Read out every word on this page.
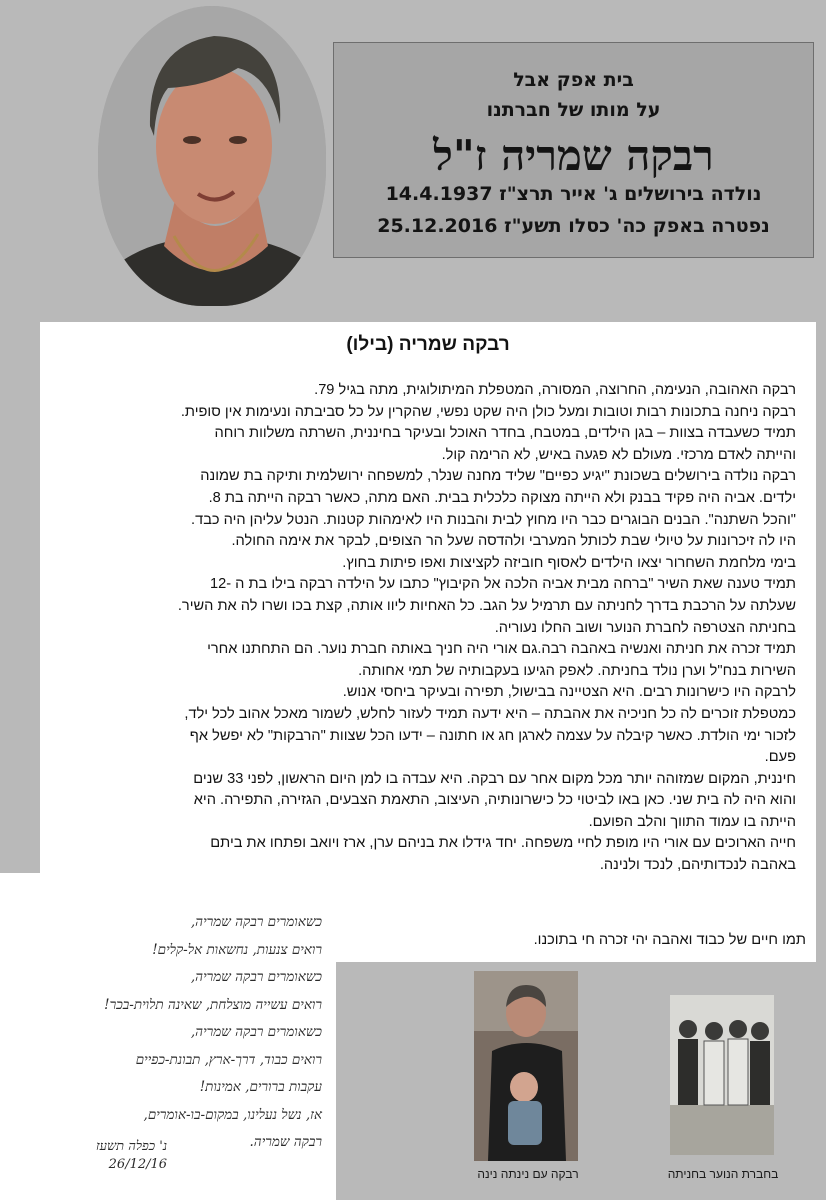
בית אפק אבל
על מותו של חברתנו
רבקה שמריה ז"ל
נולדה בירושלים ג' אייר תרצ"ז 14.4.1937
נפטרה באפק כה' כסלו תשע"ז 25.12.2016
רבקה שמריה (בילו)
רבקה האהובה, הנעימה, החרוצה, המסורה, המטפלת המיתולוגית, מתה בגיל 79.
רבקה ניחנה בתכונות רבות וטובות ומעל כולן היה שקט נפשי, שהקרין על כל סביבתה ונעימות אין סופית.
תמיד כשעבדה בצוות – בגן הילדים, במטבח, בחדר האוכל ובעיקר בחיננית, השרתה משלוות רוחה
והייתה לאדם מרכזי. מעולם לא פגעה באיש, לא הרימה קול.
רבקה נולדה בירושלים בשכונת "יגיע כפיים" שליד מחנה שנלר, למשפחה ירושלמית ותיקה בת שמונה
ילדים. אביה היה פקיד בבנק ולא הייתה מצוקה כלכלית בבית. האם מתה, כאשר רבקה הייתה בת 8.
"והכל השתנה". הבנים הבוגרים כבר היו מחוץ לבית והבנות היו לאימהות קטנות. הנטל עליהן היה כבד.
היו לה זיכרונות על טיולי שבת לכותל המערבי ולהדסה שעל הר הצופים, לבקר את אימה החולה.
בימי מלחמת השחרור יצאו הילדים לאסוף חוביזה לקציצות ואפו פיתות בחוץ.
תמיד טענה שאת השיר "ברחה מבית אביה הלכה אל הקיבוץ" כתבו על הילדה רבקה בילו בת ה -12
שעלתה על הרכבת בדרך לחניתה עם תרמיל על הגב. כל האחיות ליוו אותה, קצת בכו ושרו לה את השיר.
בחניתה הצטרפה לחברת הנוער ושוב החלו נעוריה.
תמיד זכרה את חניתה ואנשיה באהבה רבה.גם אורי היה חניך באותה חברת נוער. הם התחתנו אחרי
השירות בנח"ל וערן נולד בחניתה. לאפק הגיעו בעקבותיה של תמי אחותה.
לרבקה היו כישרונות רבים. היא הצטיינה בבישול, תפירה ובעיקר ביחסי אנוש.
כמטפלת זוכרים לה כל חניכיה את אהבתה – היא ידעה תמיד לעזור לחלש, לשמור מאכל אהוב לכל ילד,
לזכור ימי הולדת. כאשר קיבלה על עצמה לארגן חג או חתונה – ידעו הכל שצוות "הרבקות" לא יפשל אף
פעם.
חיננית, המקום שמזוהה יותר מכל מקום אחר עם רבקה. היא עבדה בו למן היום הראשון, לפני 33 שנים
והוא היה לה בית שני. כאן באו לביטוי כל כישרונותיה, העיצוב, התאמת הצבעים, הגזירה, התפירה. היא
הייתה בו עמוד התווך והלב הפועם.
חייה הארוכים עם אורי היו מופת לחיי משפחה. יחד גידלו את בניהם ערן, ארז ויואב ופתחו את ביתם
באהבה לנכדותיהם, לנכד ולנינה.
כשאומרים רבקה שמריה,
רואים צנעות, נחשאות אל-קלים!
כשאומרים רבקה שמריה,
רואים עשייה מוצלחת, שאינה תלוית-בכר!
כשאומרים רבקה שמריה,
רואים כבוד, דרך-ארץ, תבונת-כפיים
עקבות ברורים, אמינות!
אז, נשל נעלינו, במקום-בו-אומרים,
רבקה שמריה.
נ' כפלה תשעז
26/12/16
תמו חיים של כבוד ואהבה יהי זכרה חי בתוכנו.
רבקה עם נינתה נינה	בחברת הנוער בחניתה
